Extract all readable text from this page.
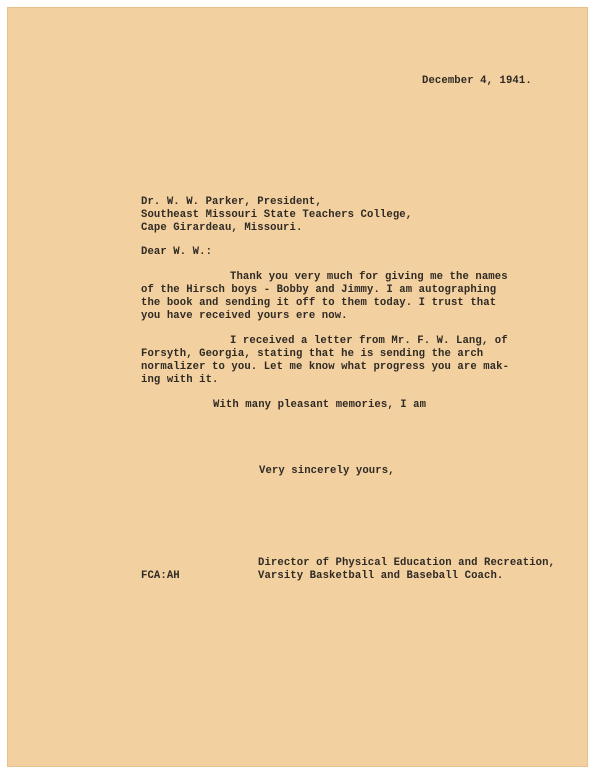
December 4, 1941.
Dr. W. W. Parker, President,
Southeast Missouri State Teachers College,
Cape Girardeau, Missouri.
Dear W. W.:
Thank you very much for giving me the names
of the Hirsch boys - Bobby and Jimmy. I am autographing
the book and sending it off to them today. I trust that
you have received yours ere now.
I received a letter from Mr. F. W. Lang, of
Forsyth, Georgia, stating that he is sending the arch
normalizer to you. Let me know what progress you are mak-
ing with it.
With many pleasant memories, I am
Very sincerely yours,
Director of Physical Education and Recreation,
Varsity Basketball and Baseball Coach.
FCA:AH
